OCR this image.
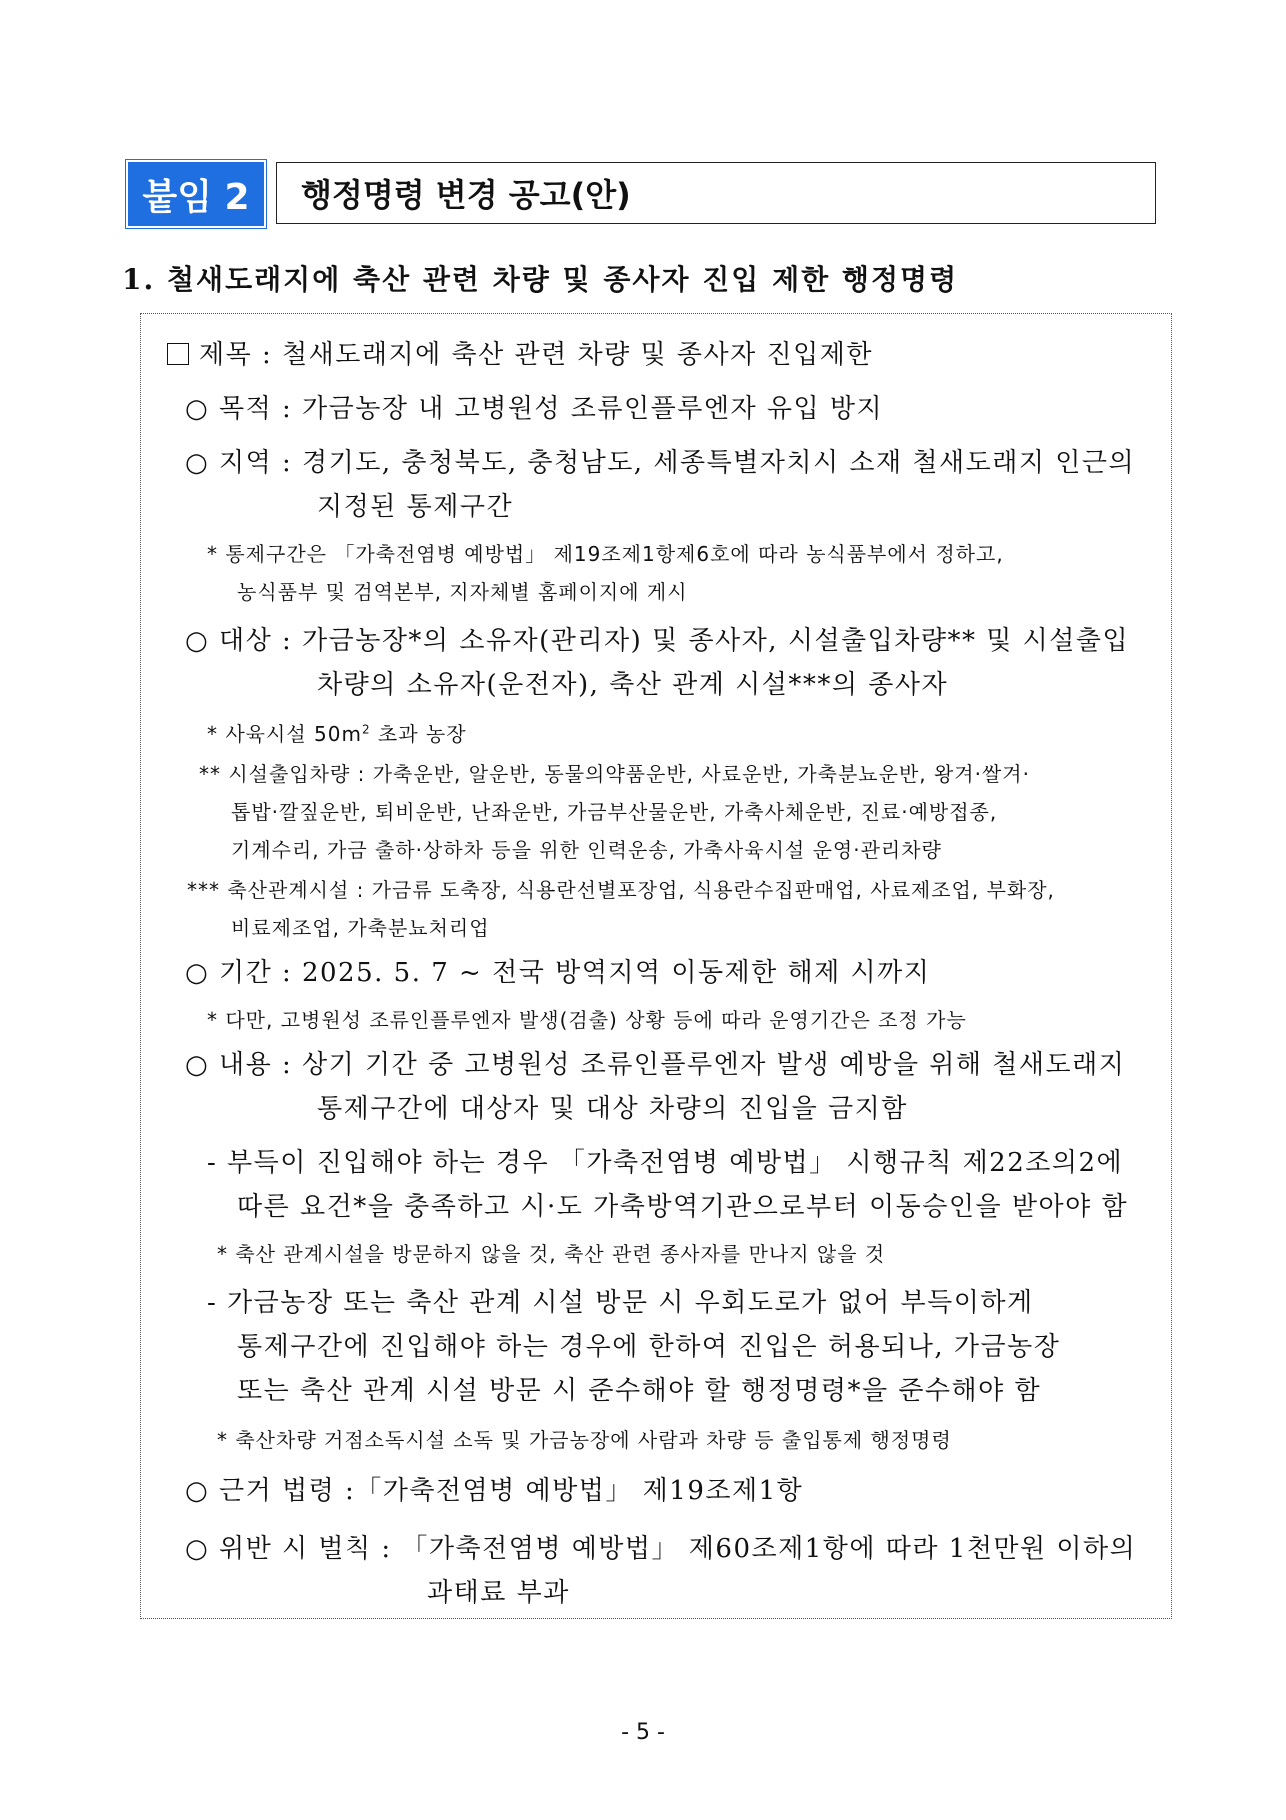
붙임 2	행정명령 변경 공고(안)
1. 철새도래지에 축산 관련 차량 및 종사자 진입 제한 행정명령
제목 : 철새도래지에 축산 관련 차량 및 종사자 진입제한
○ 목적 : 가금농장 내 고병원성 조류인플루엔자 유입 방지
○ 지역 : 경기도, 충청북도, 충청남도, 세종특별자치시 소재 철새도래지 인근의
지정된 통제구간
* 통제구간은 「가축전염병 예방법」 제19조제1항제6호에 따라 농식품부에서 정하고,
농식품부 및 검역본부, 지자체별 홈페이지에 게시
○ 대상 : 가금농장*의 소유자(관리자) 및 종사자, 시설출입차량** 및 시설출입
차량의 소유자(운전자), 축산 관계 시설***의 종사자
* 사육시설 $50m^2$ 초과 농장
** 시설출입차량 : 가축운반, 알운반, 동물의약품운반, 사료운반, 가축분뇨운반, 왕겨·쌀겨·
톱밥·깔짚운반, 퇴비운반, 난좌운반, 가금부산물운반, 가축사체운반, 진료·예방접종,
기계수리, 가금 출하·상하차 등을 위한 인력운송, 가축사육시설 운영·관리차량
*** 축산관계시설 : 가금류 도축장, 식용란선별포장업, 식용란수집판매업, 사료제조업, 부화장,
비료제조업, 가축분뇨처리업
○ 기간 : 2025. 5. 7 ~ 전국 방역지역 이동제한 해제 시까지
* 다만, 고병원성 조류인플루엔자 발생(검출) 상황 등에 따라 운영기간은 조정 가능
○ 내용 : 상기 기간 중 고병원성 조류인플루엔자 발생 예방을 위해 철새도래지
통제구간에 대상자 및 대상 차량의 진입을 금지함
- 부득이 진입해야 하는 경우 「가축전염병 예방법」 시행규칙 제22조의2에
따른 요건*을 충족하고 시·도 가축방역기관으로부터 이동승인을 받아야 함
* 축산 관계시설을 방문하지 않을 것, 축산 관련 종사자를 만나지 않을 것
- 가금농장 또는 축산 관계 시설 방문 시 우회도로가 없어 부득이하게
통제구간에 진입해야 하는 경우에 한하여 진입은 허용되나, 가금농장
또는 축산 관계 시설 방문 시 준수해야 할 행정명령*을 준수해야 함
* 축산차량 거점소독시설 소독 및 가금농장에 사람과 차량 등 출입통제 행정명령
○ 근거 법령 :「가축전염병 예방법」 제19조제1항
○ 위반 시 벌칙 : 「가축전염병 예방법」 제60조제1항에 따라 1천만원 이하의
과태료 부과
- 5 -
